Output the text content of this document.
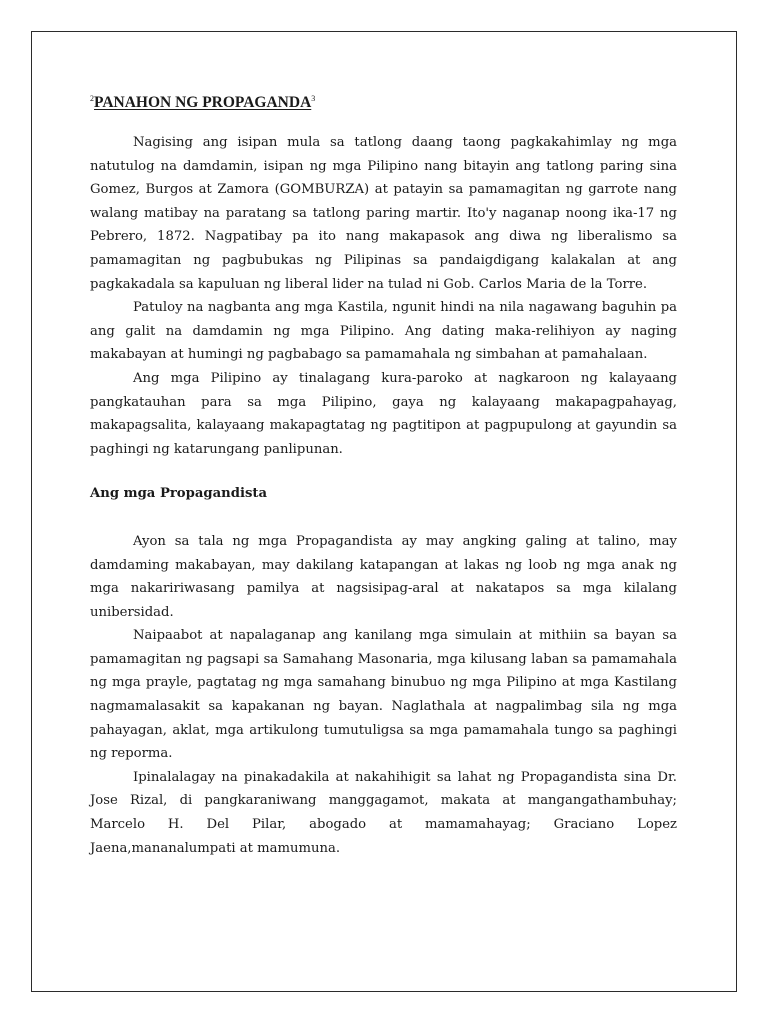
$^2$PANAHON NG PROPAGANDA$^3$

Nagising ang isipan mula sa tatlong daang taong pagkakahimlay ng mga natutulog na damdamin, isipan ng mga Pilipino nang bitayin ang tatlong paring sina Gomez, Burgos at Zamora (GOMBURZA) at patayin sa pamamagitan ng garrote nang walang matibay na paratang sa tatlong paring martir. Ito'y naganap noong ika-17 ng Pebrero, 1872. Nagpatibay pa ito nang makapasok ang diwa ng liberalismo sa pamamagitan ng pagbubukas ng Pilipinas sa pandaigdigang kalakalan at ang pagkakadala sa kapuluan ng liberal lider na tulad ni Gob. Carlos Maria de la Torre.

Patuloy na nagbanta ang mga Kastila, ngunit hindi na nila nagawang baguhin pa ang galit na damdamin ng mga Pilipino. Ang dating maka-relihiyon ay naging makabayan at humingi ng pagbabago sa pamamahala ng simbahan at pamahalaan.

Ang mga Pilipino ay tinalagang kura-paroko at nagkaroon ng kalayaang pangkatauhan para sa mga Pilipino, gaya ng kalayaang makapagpahayag, makapagsalita, kalayaang makapagtatag ng pagtitipon at pagpupulong at gayundin sa paghingi ng katarungang panlipunan.

Ang mga Propagandista

Ayon sa tala ng mga Propagandista ay may angking galing at talino, may damdaming makabayan, may dakilang katapangan at lakas ng loob ng mga anak ng mga nakaririwasang pamilya at nagsisipag-aral at nakatapos sa mga kilalang unibersidad.

Naipaabot at napalaganap ang kanilang mga simulain at mithiin sa bayan sa pamamagitan ng pagsapi sa Samahang Masonaria, mga kilusang laban sa pamamahala ng mga prayle, pagtatag ng mga samahang binubuo ng mga Pilipino at mga Kastilang nagmamalasakit sa kapakanan ng bayan. Naglathala at nagpalimbag sila ng mga pahayagan, aklat, mga artikulong tumutuligsa sa mga pamamahala tungo sa paghingi ng reporma.

Ipinalalagay na pinakadakila at nakahihigit sa lahat ng Propagandista sina Dr. Jose Rizal, di pangkaraniwang manggagamot, makata at mangangathambuhay; Marcelo H. Del Pilar, abogado at mamamahayag; Graciano Lopez Jaena,mananalumpati at mamumuna.
